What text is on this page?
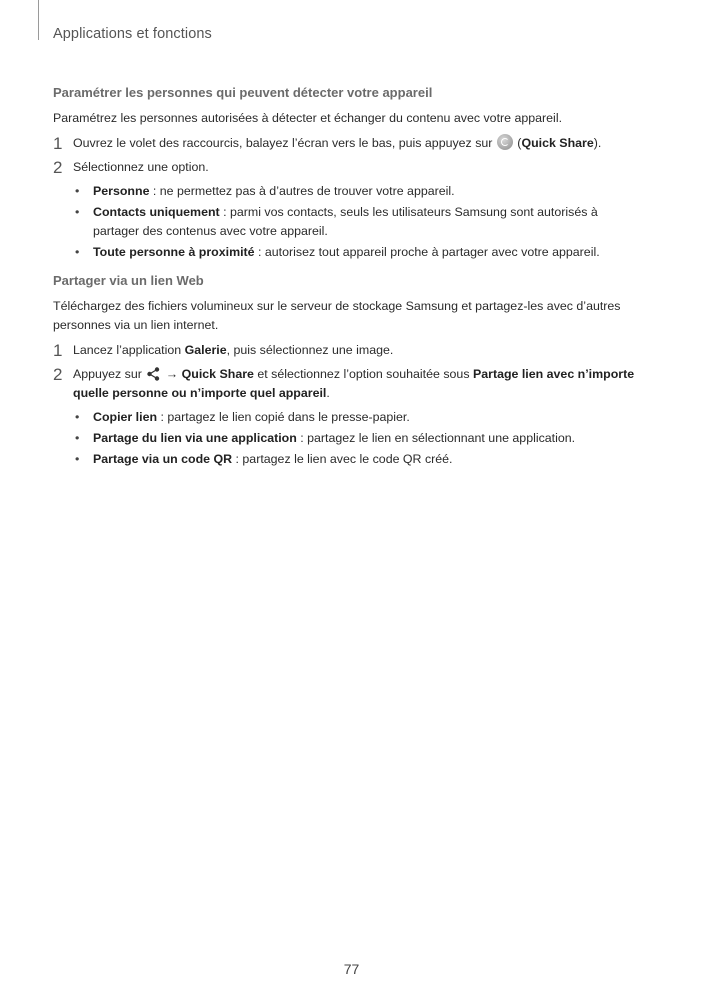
Applications et fonctions
Paramétrer les personnes qui peuvent détecter votre appareil

Paramétrez les personnes autorisées à détecter et échanger du contenu avec votre appareil.

1 Ouvrez le volet des raccourcis, balayez l’écran vers le bas, puis appuyez sur  (Quick Share).
2 Sélectionnez une option.
• Personne : ne permettez pas à d’autres de trouver votre appareil.
• Contacts uniquement : parmi vos contacts, seuls les utilisateurs Samsung sont autorisés à partager des contenus avec votre appareil.
• Toute personne à proximité : autorisez tout appareil proche à partager avec votre appareil.
Partager via un lien Web

Téléchargez des fichiers volumineux sur le serveur de stockage Samsung et partagez-les avec d’autres personnes via un lien internet.

1 Lancez l’application Galerie, puis sélectionnez une image.
2 Appuyez sur  → Quick Share et sélectionnez l’option souhaitée sous Partage lien avec n’importe quelle personne ou n’importe quel appareil.
• Copier lien : partagez le lien copié dans le presse-papier.
• Partage du lien via une application : partagez le lien en sélectionnant une application.
• Partage via un code QR : partagez le lien avec le code QR créé.
77
